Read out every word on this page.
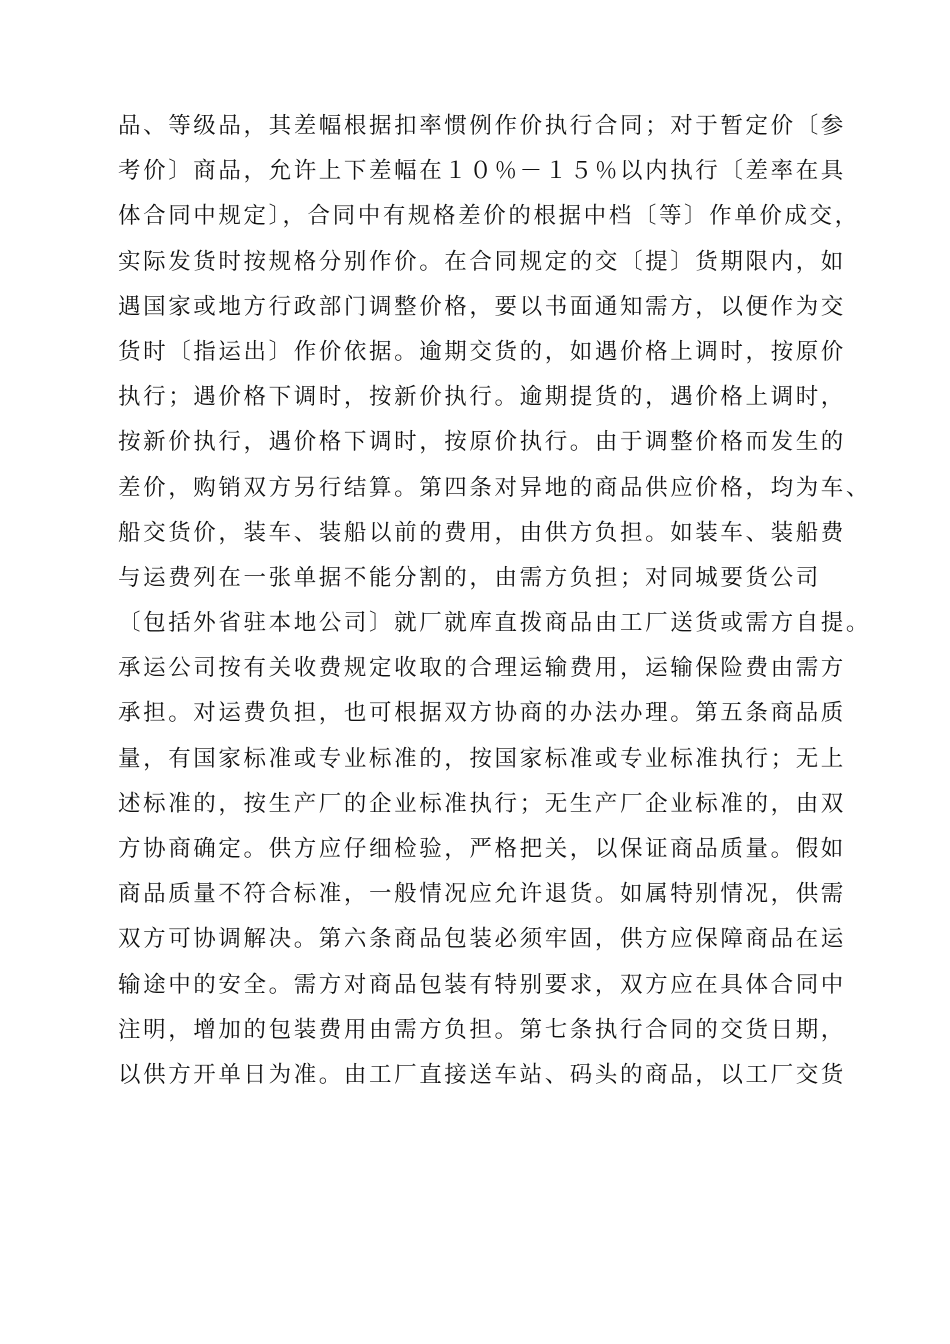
品、等级品，其差幅根据扣率惯例作价执行合同；对于暂定价〔参
考价〕商品，允许上下差幅在１０％－１５％以内执行〔差率在具
体合同中规定〕，合同中有规格差价的根据中档〔等〕作单价成交，
实际发货时按规格分别作价。在合同规定的交〔提〕货期限内，如
遇国家或地方行政部门调整价格，要以书面通知需方，以便作为交
货时〔指运出〕作价依据。逾期交货的，如遇价格上调时，按原价
执行；遇价格下调时，按新价执行。逾期提货的，遇价格上调时，
按新价执行，遇价格下调时，按原价执行。由于调整价格而发生的
差价，购销双方另行结算。第四条对异地的商品供应价格，均为车、
船交货价，装车、装船以前的费用，由供方负担。如装车、装船费
与运费列在一张单据不能分割的，由需方负担；对同城要货公司
〔包括外省驻本地公司〕就厂就库直拨商品由工厂送货或需方自提。
承运公司按有关收费规定收取的合理运输费用，运输保险费由需方
承担。对运费负担，也可根据双方协商的办法办理。第五条商品质
量，有国家标准或专业标准的，按国家标准或专业标准执行；无上
述标准的，按生产厂的企业标准执行；无生产厂企业标准的，由双
方协商确定。供方应仔细检验，严格把关，以保证商品质量。假如
商品质量不符合标准，一般情况应允许退货。如属特别情况，供需
双方可协调解决。第六条商品包装必须牢固，供方应保障商品在运
输途中的安全。需方对商品包装有特别要求，双方应在具体合同中
注明，增加的包装费用由需方负担。第七条执行合同的交货日期，
以供方开单日为准。由工厂直接送车站、码头的商品，以工厂交货
